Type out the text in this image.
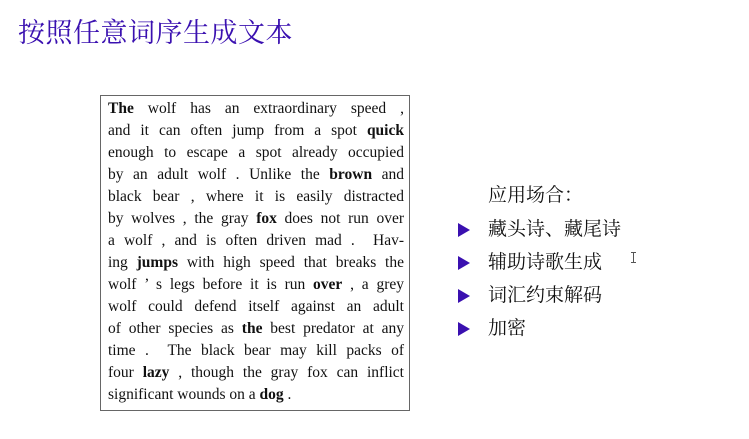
按照任意词序生成文本
The wolf has an extraordinary speed ,
and it can often jump from a spot quick
enough to escape a spot already occupied
by an adult wolf . Unlike the brown and
black bear , where it is easily distracted
by wolves , the gray fox does not run over
a wolf , and is often driven mad .  Hav-
ing jumps with high speed that breaks the
wolf ’ s legs before it is run over , a grey
wolf could defend itself against an adult
of other species as the best predator at any
time .  The black bear may kill packs of
four lazy , though the gray fox can inflict
significant wounds on a dog .
应用场合：
藏头诗、藏尾诗
辅助诗歌生成
词汇约束解码
加密
